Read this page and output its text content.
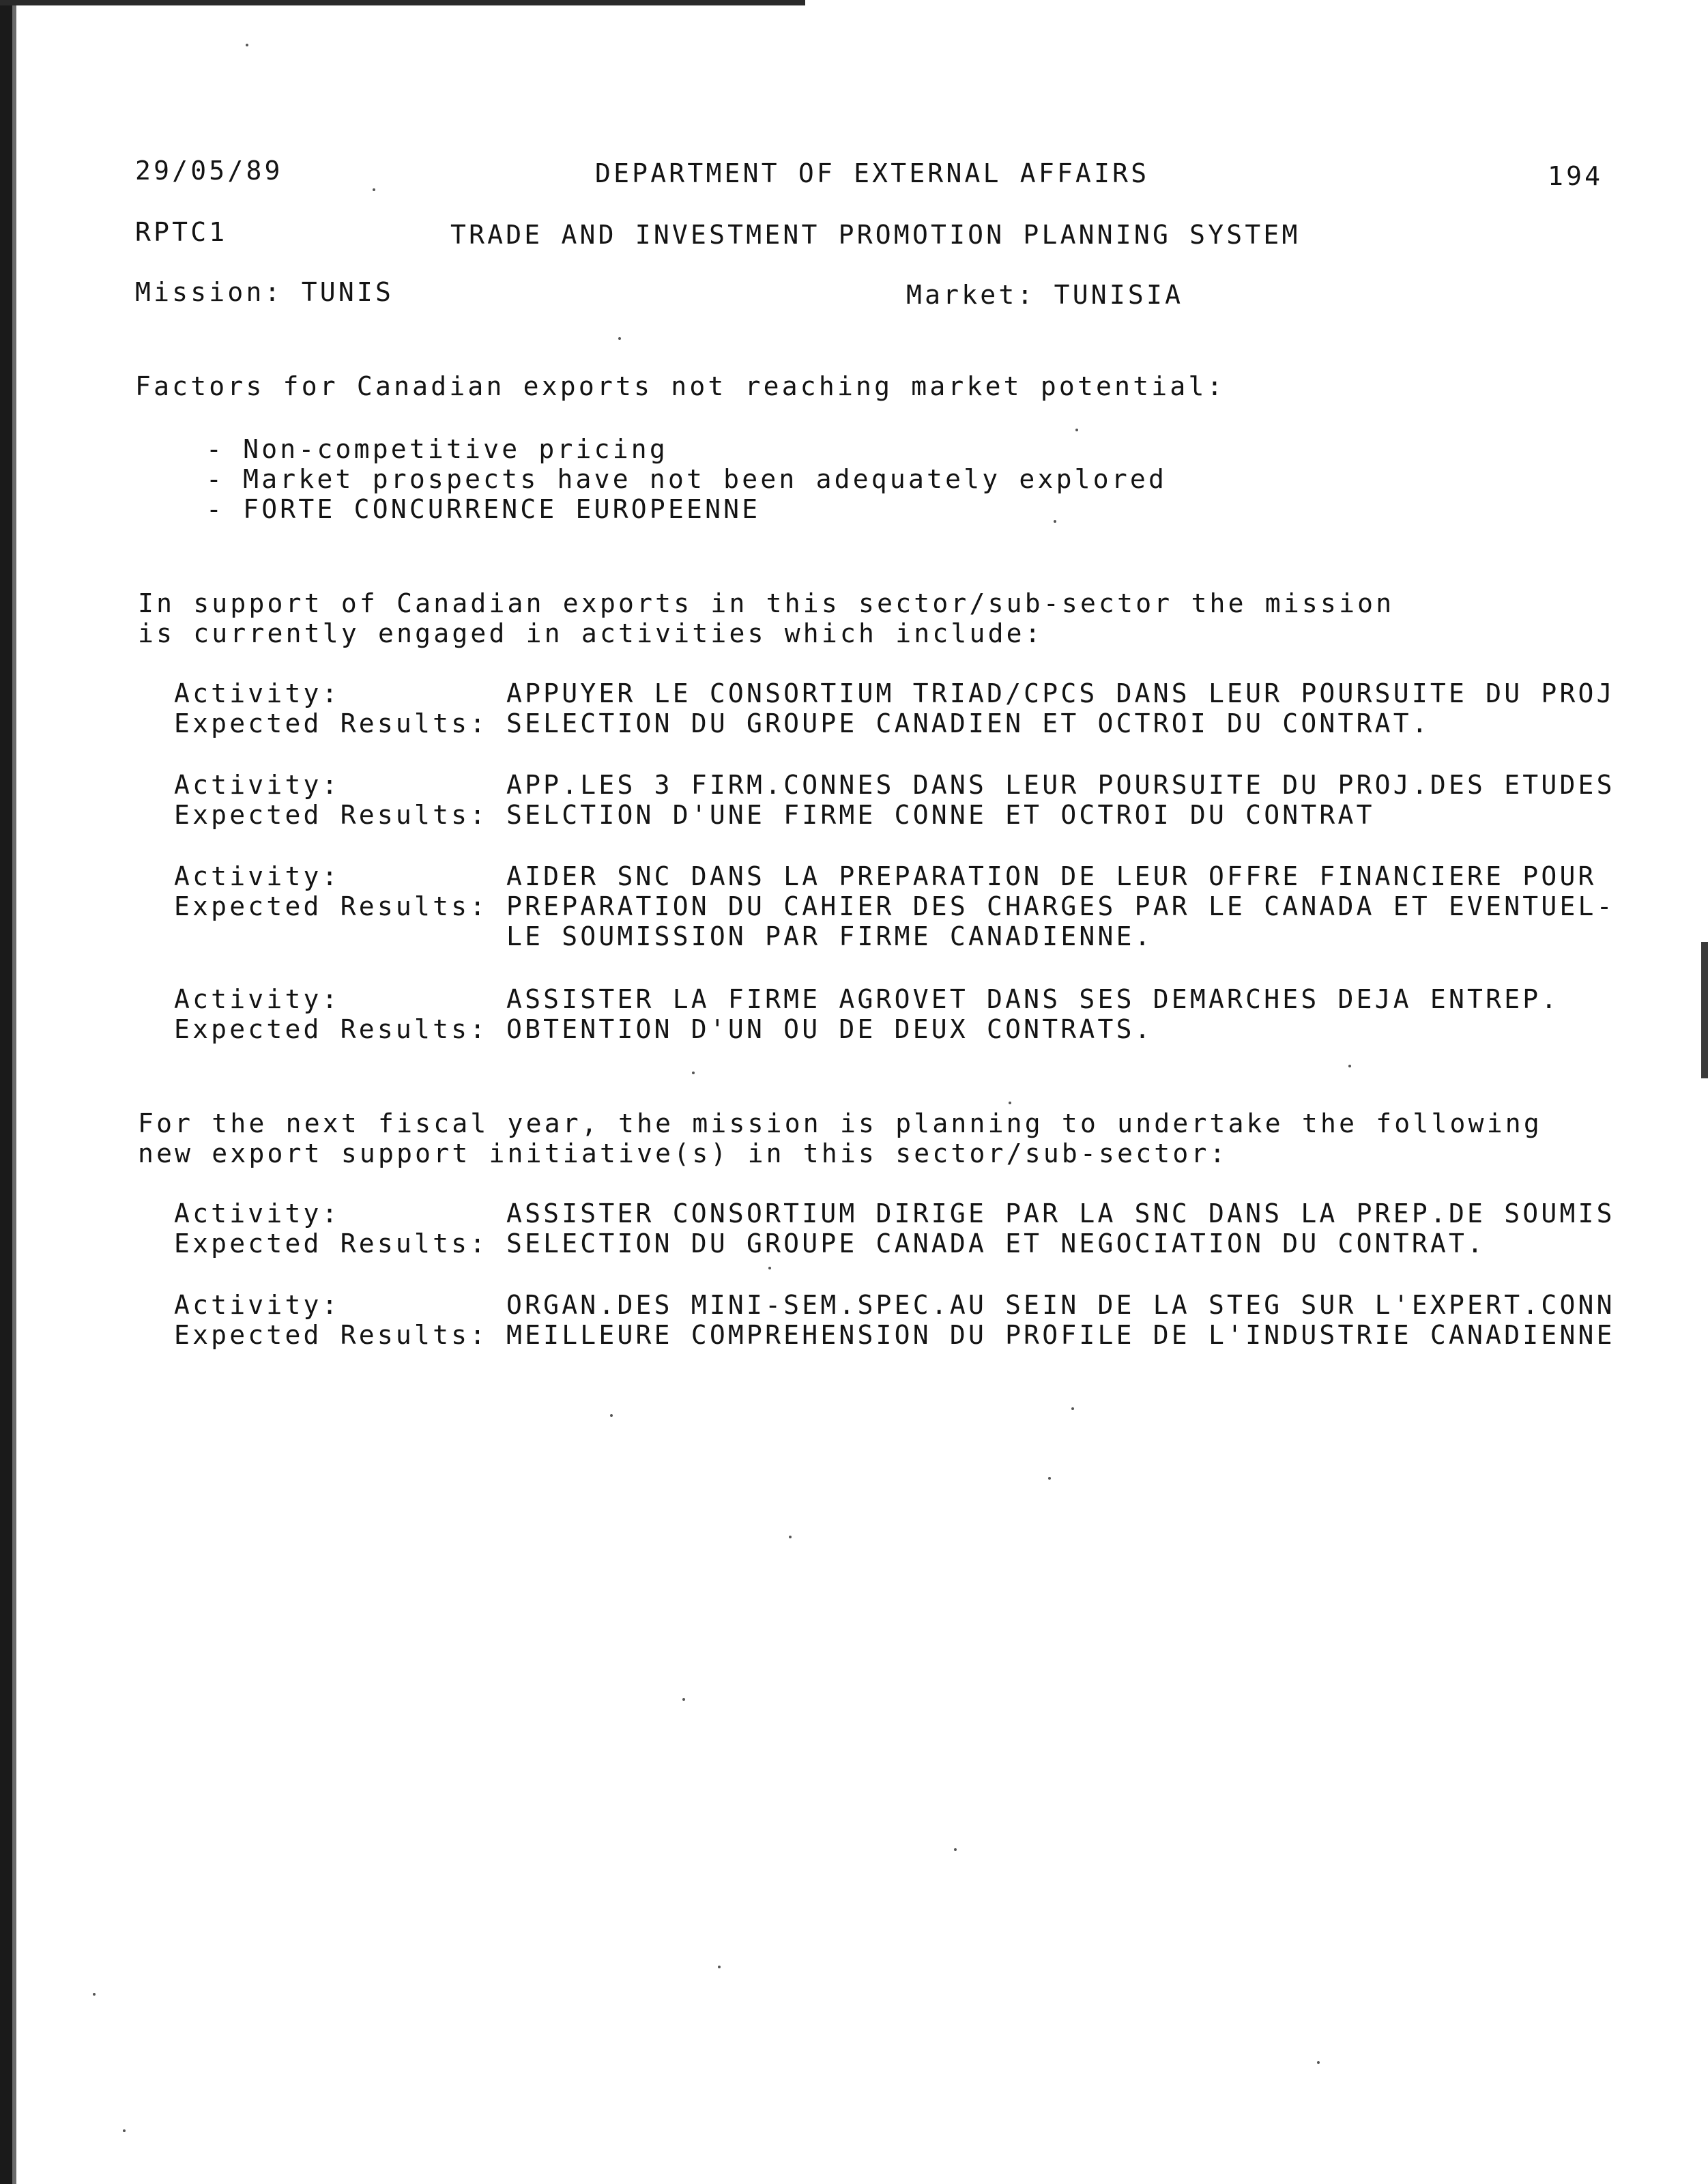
29/05/89	DEPARTMENT OF EXTERNAL AFFAIRS	194
RPTC1	TRADE AND INVESTMENT PROMOTION PLANNING SYSTEM
Mission: TUNIS	Market: TUNISIA
Factors for Canadian exports not reaching market potential:
- Non-competitive pricing
- Market prospects have not been adequately explored
- FORTE CONCURRENCE EUROPEENNE
In support of Canadian exports in this sector/sub-sector the mission
is currently engaged in activities which include:
Activity:	APPUYER LE CONSORTIUM TRIAD/CPCS DANS LEUR POURSUITE DU PROJ
Expected Results: SELECTION DU GROUPE CANADIEN ET OCTROI DU CONTRAT.
Activity:	APP.LES 3 FIRM.CONNES DANS LEUR POURSUITE DU PROJ.DES ETUDES
Expected Results: SELCTION D'UNE FIRME CONNE ET OCTROI DU CONTRAT
Activity:	AIDER SNC DANS LA PREPARATION DE LEUR OFFRE FINANCIERE POUR
Expected Results: PREPARATION DU CAHIER DES CHARGES PAR LE CANADA ET EVENTUEL-
LE SOUMISSION PAR FIRME CANADIENNE.
Activity:	ASSISTER LA FIRME AGROVET DANS SES DEMARCHES DEJA ENTREP.
Expected Results: OBTENTION D'UN OU DE DEUX CONTRATS.
For the next fiscal year, the mission is planning to undertake the following
new export support initiative(s) in this sector/sub-sector:
Activity:	ASSISTER CONSORTIUM DIRIGE PAR LA SNC DANS LA PREP.DE SOUMIS
Expected Results: SELECTION DU GROUPE CANADA ET NEGOCIATION DU CONTRAT.
Activity:	ORGAN.DES MINI-SEM.SPEC.AU SEIN DE LA STEG SUR L'EXPERT.CONN
Expected Results: MEILLEURE COMPREHENSION DU PROFILE DE L'INDUSTRIE CANADIENNE
